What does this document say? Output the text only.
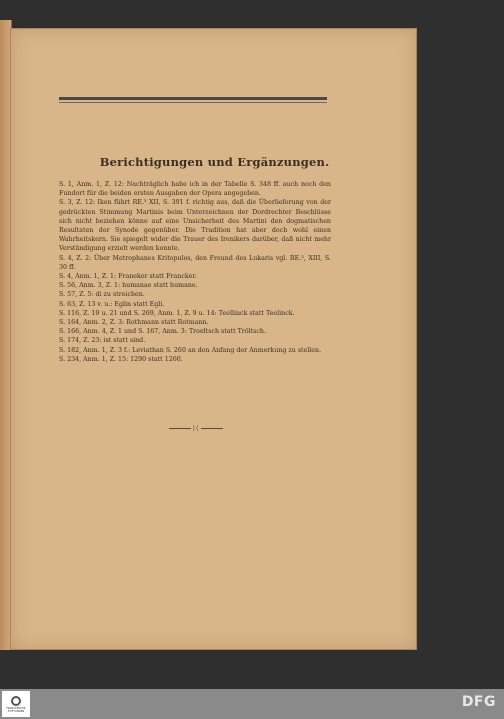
Berichtigungen und Ergänzungen.

S. 1, Anm. 1, Z. 12: Nachträglich habe ich in der Tabelle S. 348 ff. auch noch den Fundort für die beiden ersten Ausgaben der Opera angegeben.

S. 3, Z. 12: Iken führt RE.³ XII, S. 391 f. richtig aus, daß die Überlieferung von der gedrückten Stimmung Martinis beim Unterzeichnen der Dordrechter Beschlüsse sich nicht beziehen könne auf eine Unsicherheit des Martini den dogmatischen Resultaten der Synode gegenüber. Die Tradition hat aber doch wohl einen Wahrheitskern. Sie spiegelt wider die Trauer des Irenikers darüber, daß nicht mehr Verständigung erzielt werden konnte.

S. 4, Z. 2: Über Metrophanes Kritopulos, den Freund des Lukaris vgl. RE.³, XIII, S. 30 ff.

S. 4, Anm. 1, Z. 1: Franeker statt Francker.

S. 56, Anm. 3, Z. 1: humanae statt humane.

S. 57, Z. 5: di zu streichen.

S. 63, Z. 13 v. u.: Eglin statt Egli.

S. 116, Z. 19 u. 21 und S. 269, Anm. 1, Z. 9 u. 14: Teellinck statt Teelinck.

S. 164, Anm. 2, Z. 3: Rothmann statt Rotmann.

S. 166, Anm. 4, Z. 1 und S. 167, Anm. 3: Troeltsch statt Tröltsch.

S. 174, Z. 23: ist statt sind.

S. 182, Anm. 1, Z. 3 f.: Leviathan S. 260 an den Anfang der Anmerkung zu stellen.

S. 234, Anm. 1, Z. 15: 1290 statt 1260.

⟩⟨
FRANCKESCHE STIFTUNGEN
DFG
